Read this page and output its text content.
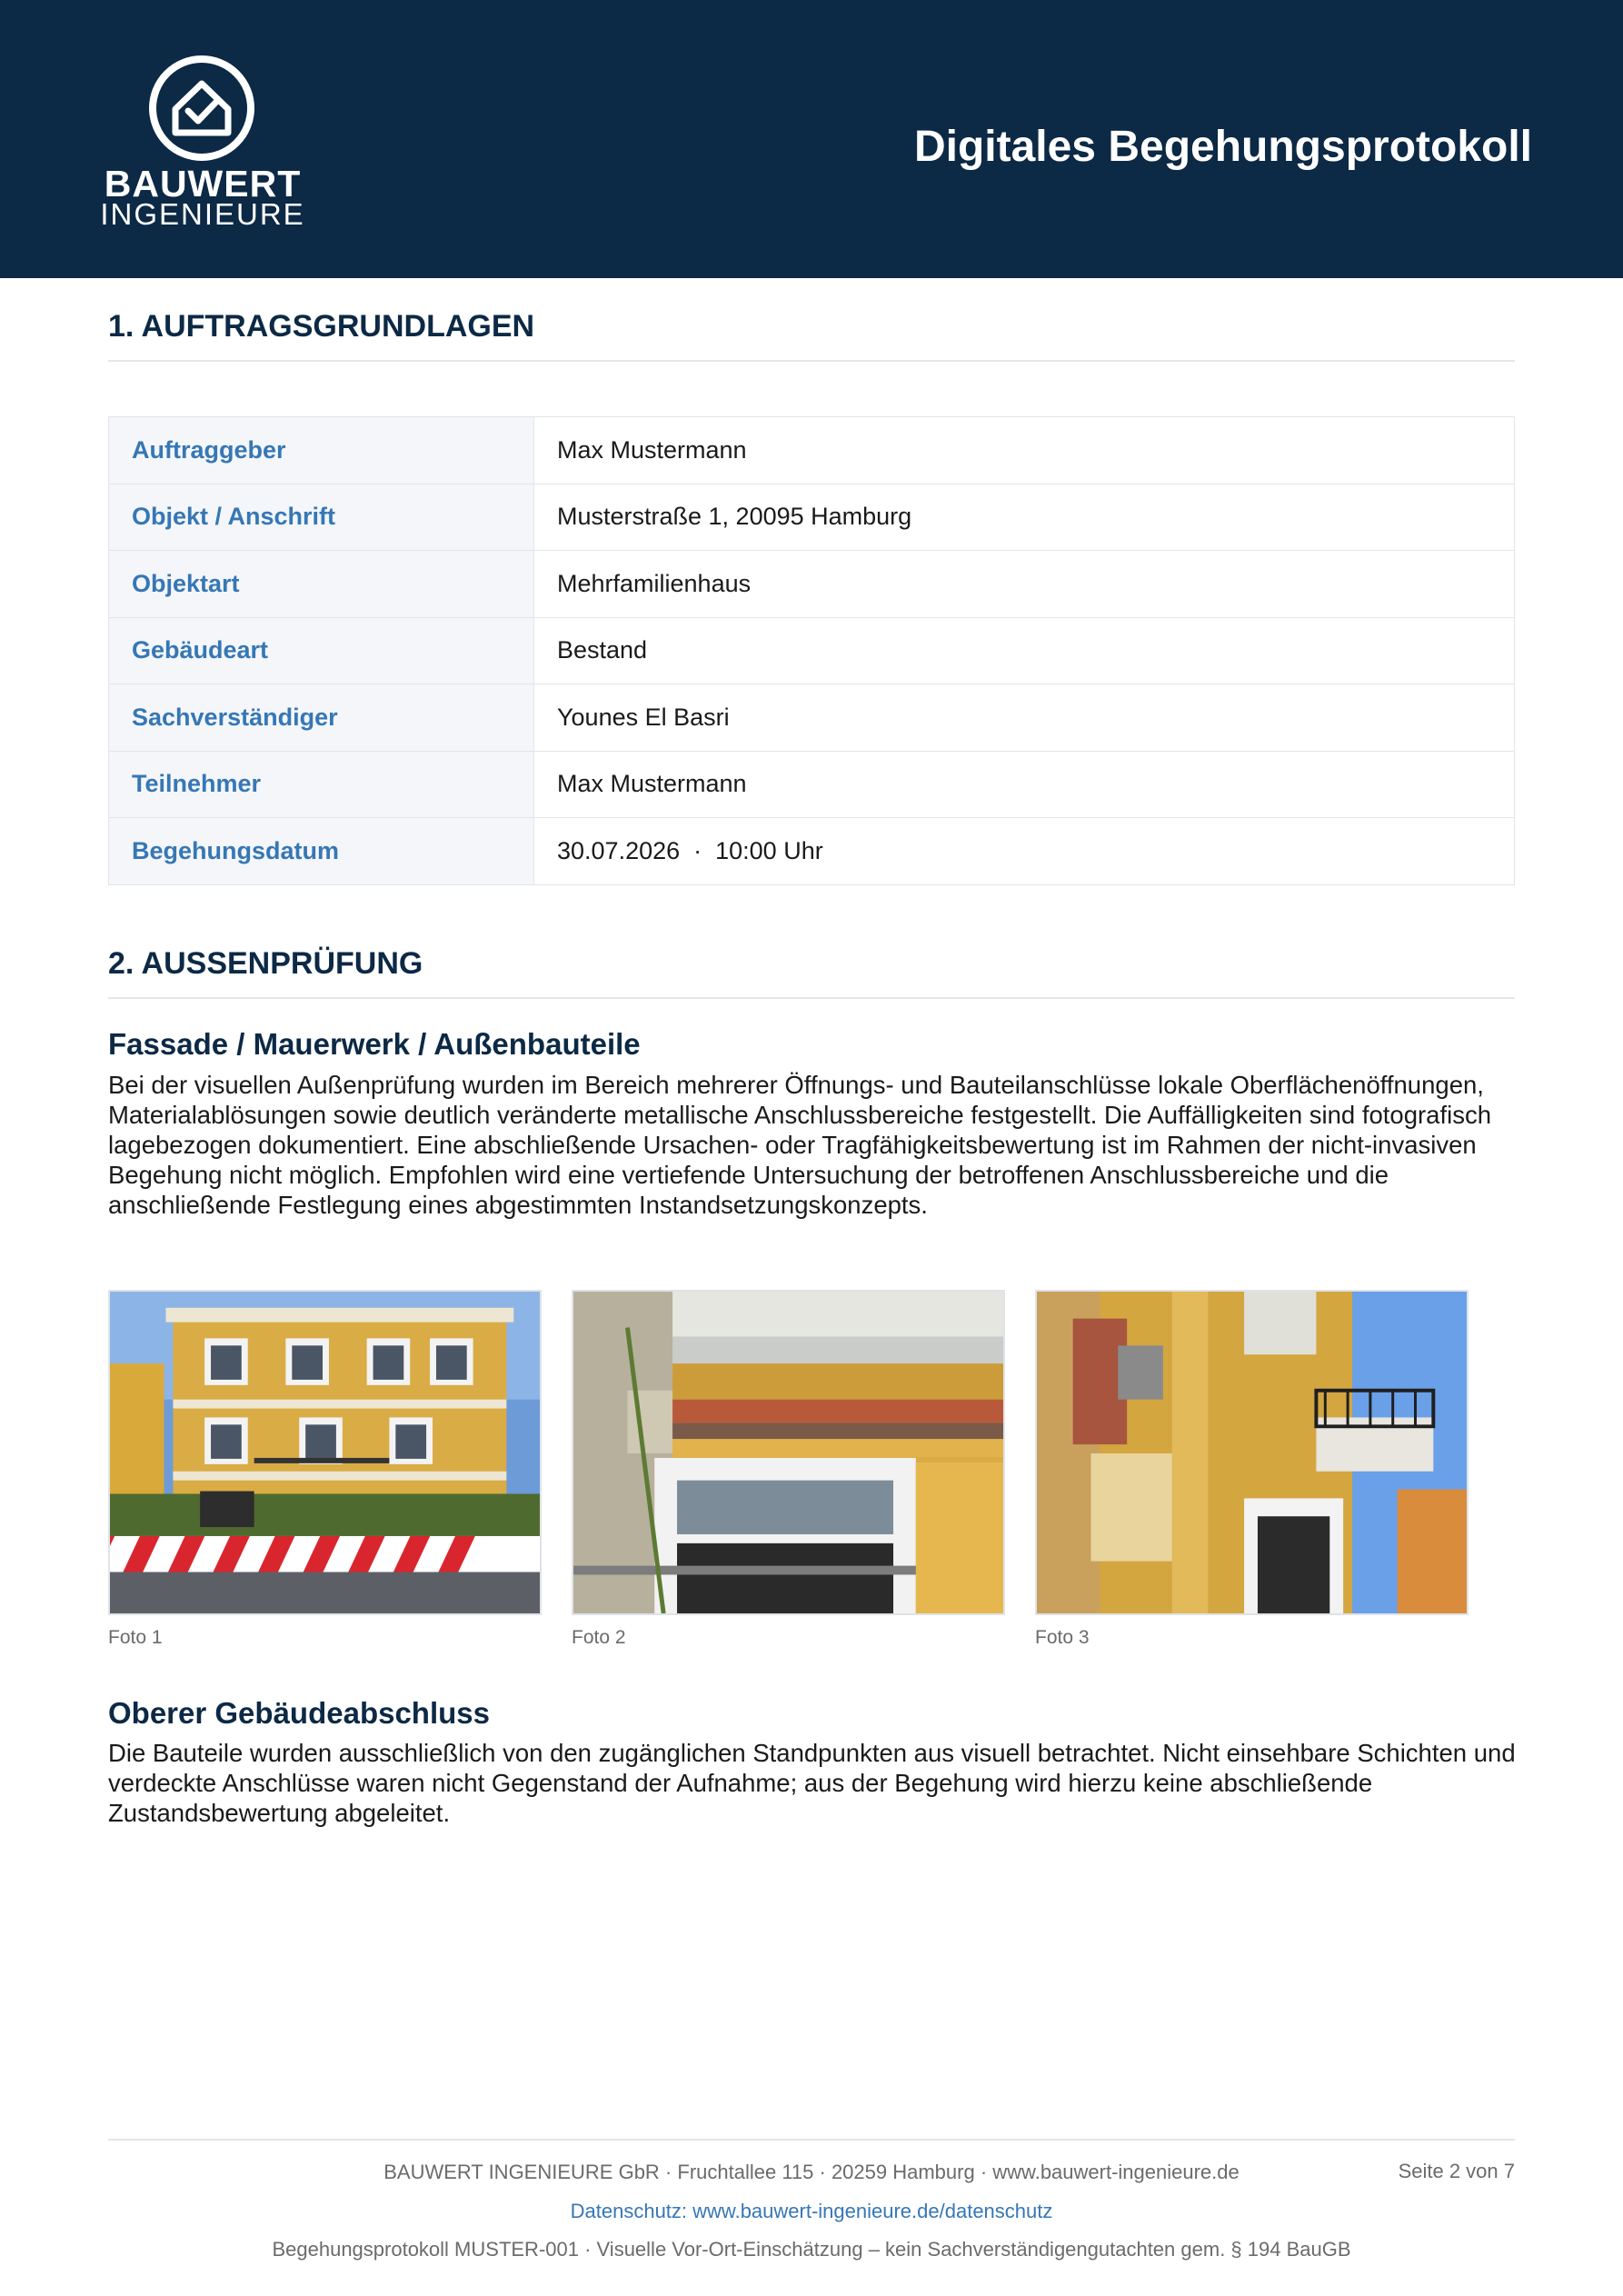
BAUWERT
INGENIEURE
Digitales Begehungsprotokoll
1. AUFTRAGSGRUNDLAGEN
Auftraggeber	Max Mustermann
Objekt / Anschrift	Musterstraße 1, 20095 Hamburg
Objektart	Mehrfamilienhaus
Gebäudeart	Bestand
Sachverständiger	Younes El Basri
Teilnehmer	Max Mustermann
Begehungsdatum	30.07.2026  ·  10:00 Uhr
2. AUSSENPRÜFUNG
Fassade / Mauerwerk / Außenbauteile
Bei der visuellen Außenprüfung wurden im Bereich mehrerer Öffnungs- und Bauteilanschlüsse lokale Oberflächenöffnungen, Materialablösungen sowie deutlich veränderte metallische Anschlussbereiche festgestellt. Die Auffälligkeiten sind fotografisch lagebezogen dokumentiert. Eine abschließende Ursachen- oder Tragfähigkeitsbewertung ist im Rahmen der nicht-invasiven Begehung nicht möglich. Empfohlen wird eine vertiefende Untersuchung der betroffenen Anschlussbereiche und die anschließende Festlegung eines abgestimmten Instandsetzungskonzepts.
Foto 1	Foto 2	Foto 3
Oberer Gebäudeabschluss
Die Bauteile wurden ausschließlich von den zugänglichen Standpunkten aus visuell betrachtet. Nicht einsehbare Schichten und verdeckte Anschlüsse waren nicht Gegenstand der Aufnahme; aus der Begehung wird hierzu keine abschließende Zustandsbewertung abgeleitet.
BAUWERT INGENIEURE GbR · Fruchtallee 115 · 20259 Hamburg · www.bauwert-ingenieure.de	Seite 2 von 7
Datenschutz: www.bauwert-ingenieure.de/datenschutz
Begehungsprotokoll MUSTER-001 · Visuelle Vor-Ort-Einschätzung – kein Sachverständigengutachten gem. § 194 BauGB
